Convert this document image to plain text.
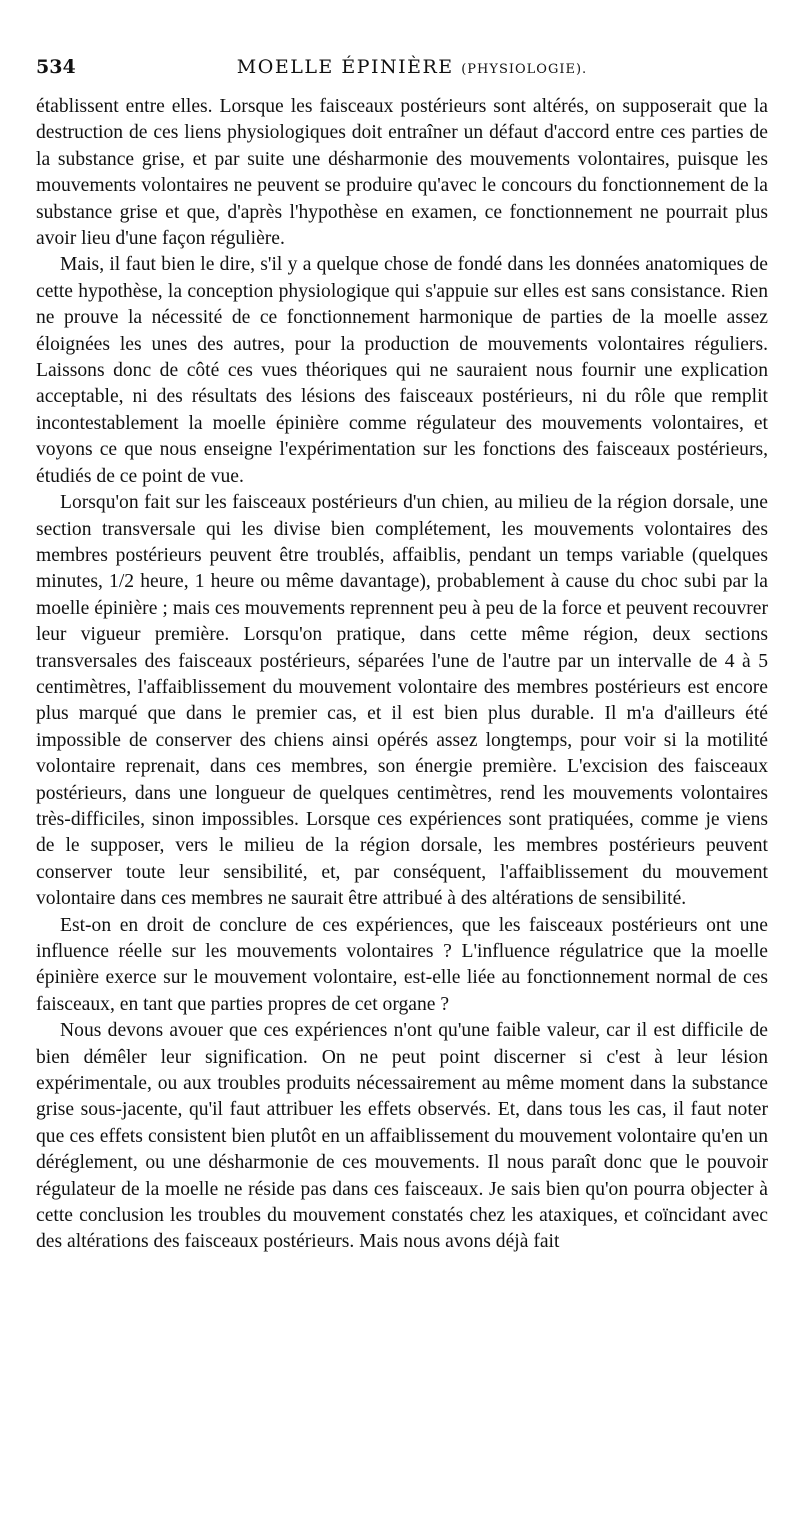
534	MOELLE ÉPINIÈRE (PHYSIOLOGIE).

établissent entre elles. Lorsque les faisceaux postérieurs sont altérés, on supposerait que la destruction de ces liens physiologiques doit entraîner un défaut d'accord entre ces parties de la substance grise, et par suite une désharmonie des mouvements volontaires, puisque les mouvements volontaires ne peuvent se produire qu'avec le concours du fonctionnement de la substance grise et que, d'après l'hypothèse en examen, ce fonctionnement ne pourrait plus avoir lieu d'une façon régulière.

Mais, il faut bien le dire, s'il y a quelque chose de fondé dans les données anatomiques de cette hypothèse, la conception physiologique qui s'appuie sur elles est sans consistance. Rien ne prouve la nécessité de ce fonctionnement harmonique de parties de la moelle assez éloignées les unes des autres, pour la production de mouvements volontaires réguliers. Laissons donc de côté ces vues théoriques qui ne sauraient nous fournir une explication acceptable, ni des résultats des lésions des faisceaux postérieurs, ni du rôle que remplit incontestablement la moelle épinière comme régulateur des mouvements volontaires, et voyons ce que nous enseigne l'expérimentation sur les fonctions des faisceaux postérieurs, étudiés de ce point de vue.

Lorsqu'on fait sur les faisceaux postérieurs d'un chien, au milieu de la région dorsale, une section transversale qui les divise bien complétement, les mouvements volontaires des membres postérieurs peuvent être troublés, affaiblis, pendant un temps variable (quelques minutes, 1/2 heure, 1 heure ou même davantage), probablement à cause du choc subi par la moelle épinière ; mais ces mouvements reprennent peu à peu de la force et peuvent recouvrer leur vigueur première. Lorsqu'on pratique, dans cette même région, deux sections transversales des faisceaux postérieurs, séparées l'une de l'autre par un intervalle de 4 à 5 centimètres, l'affaiblissement du mouvement volontaire des membres postérieurs est encore plus marqué que dans le premier cas, et il est bien plus durable. Il m'a d'ailleurs été impossible de conserver des chiens ainsi opérés assez longtemps, pour voir si la motilité volontaire reprenait, dans ces membres, son énergie première. L'excision des faisceaux postérieurs, dans une longueur de quelques centimètres, rend les mouvements volontaires très-difficiles, sinon impossibles. Lorsque ces expériences sont pratiquées, comme je viens de le supposer, vers le milieu de la région dorsale, les membres postérieurs peuvent conserver toute leur sensibilité, et, par conséquent, l'affaiblissement du mouvement volontaire dans ces membres ne saurait être attribué à des altérations de sensibilité.

Est-on en droit de conclure de ces expériences, que les faisceaux postérieurs ont une influence réelle sur les mouvements volontaires ? L'influence régulatrice que la moelle épinière exerce sur le mouvement volontaire, est-elle liée au fonctionnement normal de ces faisceaux, en tant que parties propres de cet organe ?

Nous devons avouer que ces expériences n'ont qu'une faible valeur, car il est difficile de bien démêler leur signification. On ne peut point discerner si c'est à leur lésion expérimentale, ou aux troubles produits nécessairement au même moment dans la substance grise sous-jacente, qu'il faut attribuer les effets observés. Et, dans tous les cas, il faut noter que ces effets consistent bien plutôt en un affaiblissement du mouvement volontaire qu'en un déréglement, ou une désharmonie de ces mouvements. Il nous paraît donc que le pouvoir régulateur de la moelle ne réside pas dans ces faisceaux. Je sais bien qu'on pourra objecter à cette conclusion les troubles du mouvement constatés chez les ataxiques, et coïncidant avec des altérations des faisceaux postérieurs. Mais nous avons déjà fait
